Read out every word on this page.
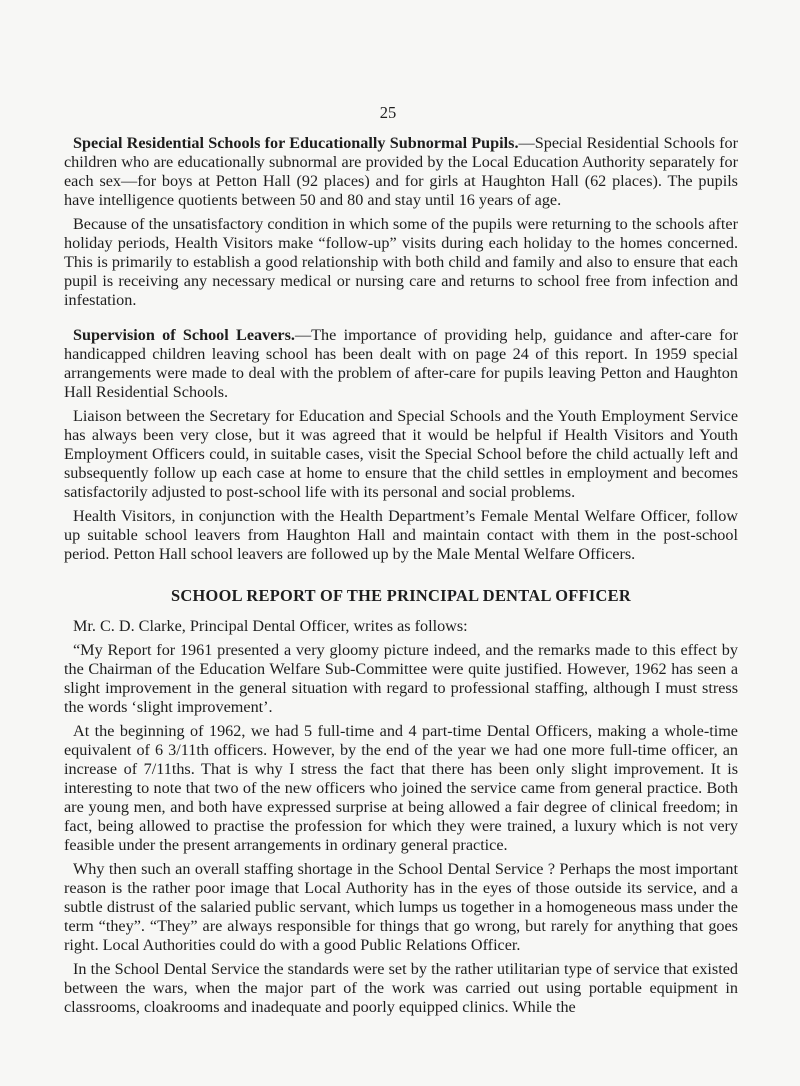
25

Special Residential Schools for Educationally Subnormal Pupils.—Special Residential Schools for children who are educationally subnormal are provided by the Local Education Authority separately for each sex—for boys at Petton Hall (92 places) and for girls at Haughton Hall (62 places). The pupils have intelligence quotients between 50 and 80 and stay until 16 years of age.

Because of the unsatisfactory condition in which some of the pupils were returning to the schools after holiday periods, Health Visitors make “follow-up” visits during each holiday to the homes concerned. This is primarily to establish a good relationship with both child and family and also to ensure that each pupil is receiving any necessary medical or nursing care and returns to school free from infection and infestation.

Supervision of School Leavers.—The importance of providing help, guidance and after-care for handicapped children leaving school has been dealt with on page 24 of this report. In 1959 special arrangements were made to deal with the problem of after-care for pupils leaving Petton and Haughton Hall Residential Schools.

Liaison between the Secretary for Education and Special Schools and the Youth Employment Service has always been very close, but it was agreed that it would be helpful if Health Visitors and Youth Employment Officers could, in suitable cases, visit the Special School before the child actually left and subsequently follow up each case at home to ensure that the child settles in employment and becomes satisfactorily adjusted to post-school life with its personal and social problems.

Health Visitors, in conjunction with the Health Department’s Female Mental Welfare Officer, follow up suitable school leavers from Haughton Hall and maintain contact with them in the post-school period. Petton Hall school leavers are followed up by the Male Mental Welfare Officers.

SCHOOL REPORT OF THE PRINCIPAL DENTAL OFFICER

Mr. C. D. Clarke, Principal Dental Officer, writes as follows:

“My Report for 1961 presented a very gloomy picture indeed, and the remarks made to this effect by the Chairman of the Education Welfare Sub-Committee were quite justified. However, 1962 has seen a slight improvement in the general situation with regard to professional staffing, although I must stress the words ‘slight improvement’.

At the beginning of 1962, we had 5 full-time and 4 part-time Dental Officers, making a whole-time equivalent of 6 3/11th officers. However, by the end of the year we had one more full-time officer, an increase of 7/11ths. That is why I stress the fact that there has been only slight improvement. It is interesting to note that two of the new officers who joined the service came from general practice. Both are young men, and both have expressed surprise at being allowed a fair degree of clinical freedom; in fact, being allowed to practise the profession for which they were trained, a luxury which is not very feasible under the present arrangements in ordinary general practice.

Why then such an overall staffing shortage in the School Dental Service ? Perhaps the most important reason is the rather poor image that Local Authority has in the eyes of those outside its service, and a subtle distrust of the salaried public servant, which lumps us together in a homogeneous mass under the term “they”. “They” are always responsible for things that go wrong, but rarely for anything that goes right. Local Authorities could do with a good Public Relations Officer.

In the School Dental Service the standards were set by the rather utilitarian type of service that existed between the wars, when the major part of the work was carried out using portable equipment in classrooms, cloakrooms and inadequate and poorly equipped clinics. While the
